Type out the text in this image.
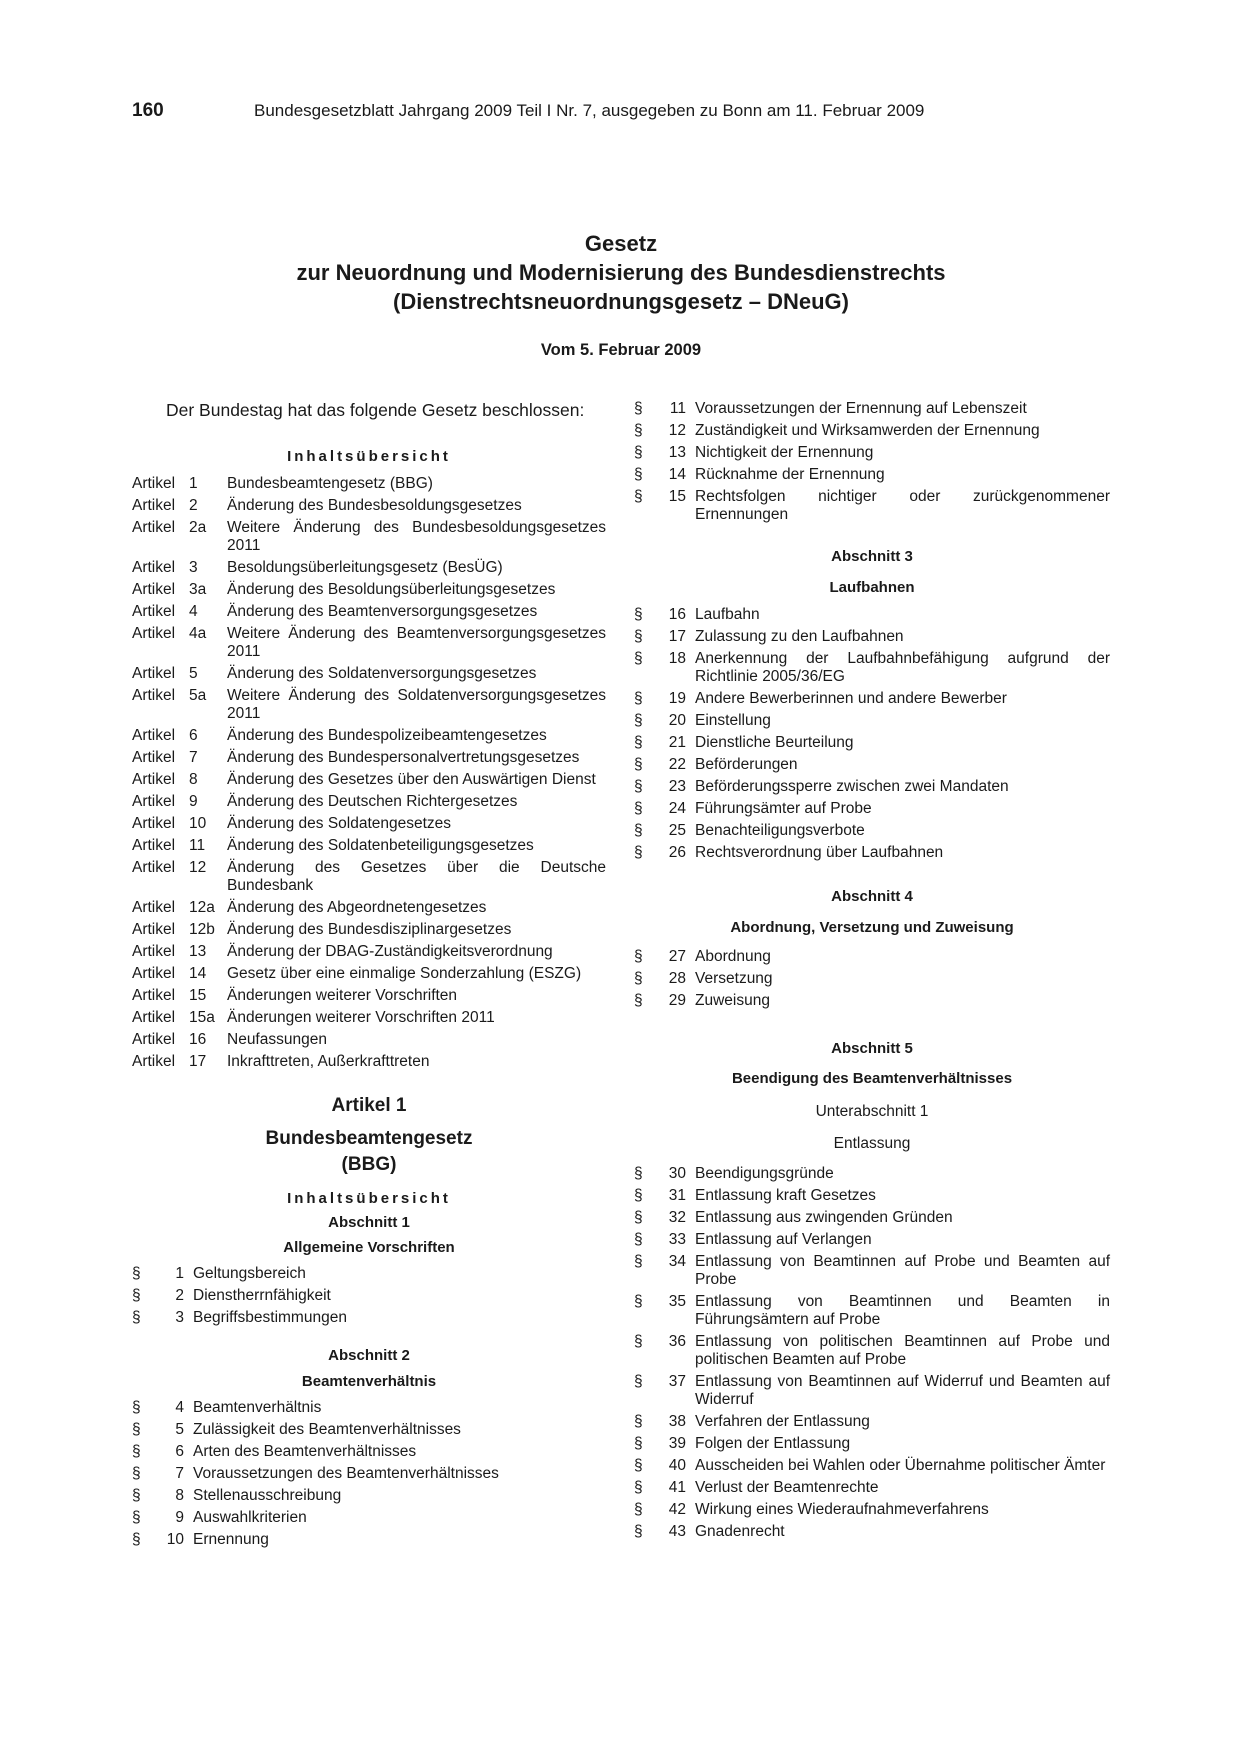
160	Bundesgesetzblatt Jahrgang 2009 Teil I Nr. 7, ausgegeben zu Bonn am 11. Februar 2009
Gesetz
zur Neuordnung und Modernisierung des Bundesdienstrechts
(Dienstrechtsneuordnungsgesetz – DNeuG)
Vom 5. Februar 2009

Der Bundestag hat das folgende Gesetz beschlossen:

Inhaltsübersicht
Artikel 1 Bundesbeamtengesetz (BBG)
Artikel 2 Änderung des Bundesbesoldungsgesetzes
Artikel 2a Weitere Änderung des Bundesbesoldungsgesetzes 2011
Artikel 3 Besoldungsüberleitungsgesetz (BesÜG)
Artikel 3a Änderung des Besoldungsüberleitungsgesetzes
Artikel 4 Änderung des Beamtenversorgungsgesetzes
Artikel 4a Weitere Änderung des Beamtenversorgungsgesetzes 2011
Artikel 5 Änderung des Soldatenversorgungsgesetzes
Artikel 5a Weitere Änderung des Soldatenversorgungsgesetzes 2011
Artikel 6 Änderung des Bundespolizeibeamtengesetzes
Artikel 7 Änderung des Bundespersonalvertretungsgesetzes
Artikel 8 Änderung des Gesetzes über den Auswärtigen Dienst
Artikel 9 Änderung des Deutschen Richtergesetzes
Artikel 10 Änderung des Soldatengesetzes
Artikel 11 Änderung des Soldatenbeteiligungsgesetzes
Artikel 12 Änderung des Gesetzes über die Deutsche Bundesbank
Artikel 12a Änderung des Abgeordnetengesetzes
Artikel 12b Änderung des Bundesdisziplinargesetzes
Artikel 13 Änderung der DBAG-Zuständigkeitsverordnung
Artikel 14 Gesetz über eine einmalige Sonderzahlung (ESZG)
Artikel 15 Änderungen weiterer Vorschriften
Artikel 15a Änderungen weiterer Vorschriften 2011
Artikel 16 Neufassungen
Artikel 17 Inkrafttreten, Außerkrafttreten
Artikel 1
Bundesbeamtengesetz
(BBG)
Inhaltsübersicht
Abschnitt 1
Allgemeine Vorschriften
§	1 Geltungsbereich
§	2 Dienstherrnfähigkeit
§	3 Begriffsbestimmungen
Abschnitt 2
Beamtenverhältnis
§	4 Beamtenverhältnis
§	5 Zulässigkeit des Beamtenverhältnisses
§	6 Arten des Beamtenverhältnisses
§	7 Voraussetzungen des Beamtenverhältnisses
§	8 Stellenausschreibung
§	9 Auswahlkriterien
§	10 Ernennung
§	11 Voraussetzungen der Ernennung auf Lebenszeit
§	12 Zuständigkeit und Wirksamwerden der Ernennung
§	13 Nichtigkeit der Ernennung
§	14 Rücknahme der Ernennung
§	15 Rechtsfolgen nichtiger oder zurückgenommener Ernennungen
Abschnitt 3
Laufbahnen
§	16 Laufbahn
§	17 Zulassung zu den Laufbahnen
§	18 Anerkennung der Laufbahnbefähigung aufgrund der Richtlinie 2005/36/EG
§	19 Andere Bewerberinnen und andere Bewerber
§	20 Einstellung
§	21 Dienstliche Beurteilung
§	22 Beförderungen
§	23 Beförderungssperre zwischen zwei Mandaten
§	24 Führungsämter auf Probe
§	25 Benachteiligungsverbote
§	26 Rechtsverordnung über Laufbahnen
Abschnitt 4
Abordnung, Versetzung und Zuweisung
§	27 Abordnung
§	28 Versetzung
§	29 Zuweisung
Abschnitt 5
Beendigung des Beamtenverhältnisses
Unterabschnitt 1
Entlassung
§	30 Beendigungsgründe
§	31 Entlassung kraft Gesetzes
§	32 Entlassung aus zwingenden Gründen
§	33 Entlassung auf Verlangen
§	34 Entlassung von Beamtinnen auf Probe und Beamten auf Probe
§	35 Entlassung von Beamtinnen und Beamten in Führungsämtern auf Probe
§	36 Entlassung von politischen Beamtinnen auf Probe und politischen Beamten auf Probe
§	37 Entlassung von Beamtinnen auf Widerruf und Beamten auf Widerruf
§	38 Verfahren der Entlassung
§	39 Folgen der Entlassung
§	40 Ausscheiden bei Wahlen oder Übernahme politischer Ämter
§	41 Verlust der Beamtenrechte
§	42 Wirkung eines Wiederaufnahmeverfahrens
§	43 Gnadenrecht
